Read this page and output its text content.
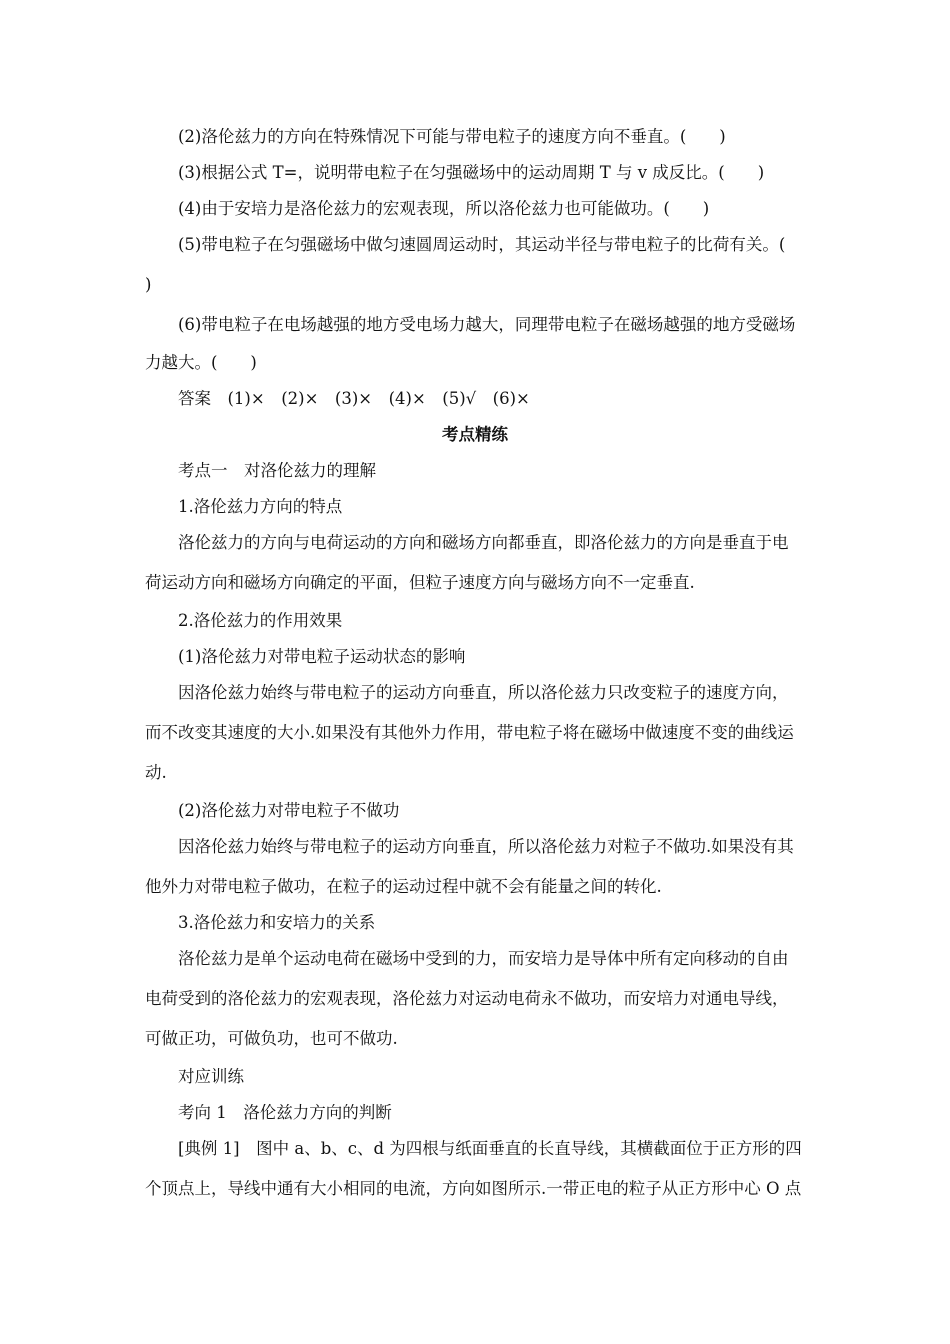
(2)洛伦兹力的方向在特殊情况下可能与带电粒子的速度方向不垂直。(　　)
(3)根据公式 T=，说明带电粒子在匀强磁场中的运动周期 T 与 v 成反比。(　　)
(4)由于安培力是洛伦兹力的宏观表现，所以洛伦兹力也可能做功。(　　)
(5)带电粒子在匀强磁场中做匀速圆周运动时，其运动半径与带电粒子的比荷有关。(
)
(6)带电粒子在电场越强的地方受电场力越大，同理带电粒子在磁场越强的地方受磁场
力越大。(　　)
答案　(1)×　(2)×　(3)×　(4)×　(5)√　(6)×
考点精练
考点一　对洛伦兹力的理解
1.洛伦兹力方向的特点
洛伦兹力的方向与电荷运动的方向和磁场方向都垂直，即洛伦兹力的方向是垂直于电
荷运动方向和磁场方向确定的平面，但粒子速度方向与磁场方向不一定垂直.
2.洛伦兹力的作用效果
(1)洛伦兹力对带电粒子运动状态的影响
因洛伦兹力始终与带电粒子的运动方向垂直，所以洛伦兹力只改变粒子的速度方向，
而不改变其速度的大小.如果没有其他外力作用，带电粒子将在磁场中做速度不变的曲线运
动.
(2)洛伦兹力对带电粒子不做功
因洛伦兹力始终与带电粒子的运动方向垂直，所以洛伦兹力对粒子不做功.如果没有其
他外力对带电粒子做功，在粒子的运动过程中就不会有能量之间的转化.
3.洛伦兹力和安培力的关系
洛伦兹力是单个运动电荷在磁场中受到的力，而安培力是导体中所有定向移动的自由
电荷受到的洛伦兹力的宏观表现，洛伦兹力对运动电荷永不做功，而安培力对通电导线，
可做正功，可做负功，也可不做功.
对应训练
考向 1　洛伦兹力方向的判断
[典例 1]　图中 a、b、c、d 为四根与纸面垂直的长直导线，其横截面位于正方形的四
个顶点上，导线中通有大小相同的电流，方向如图所示.一带正电的粒子从正方形中心 O 点
